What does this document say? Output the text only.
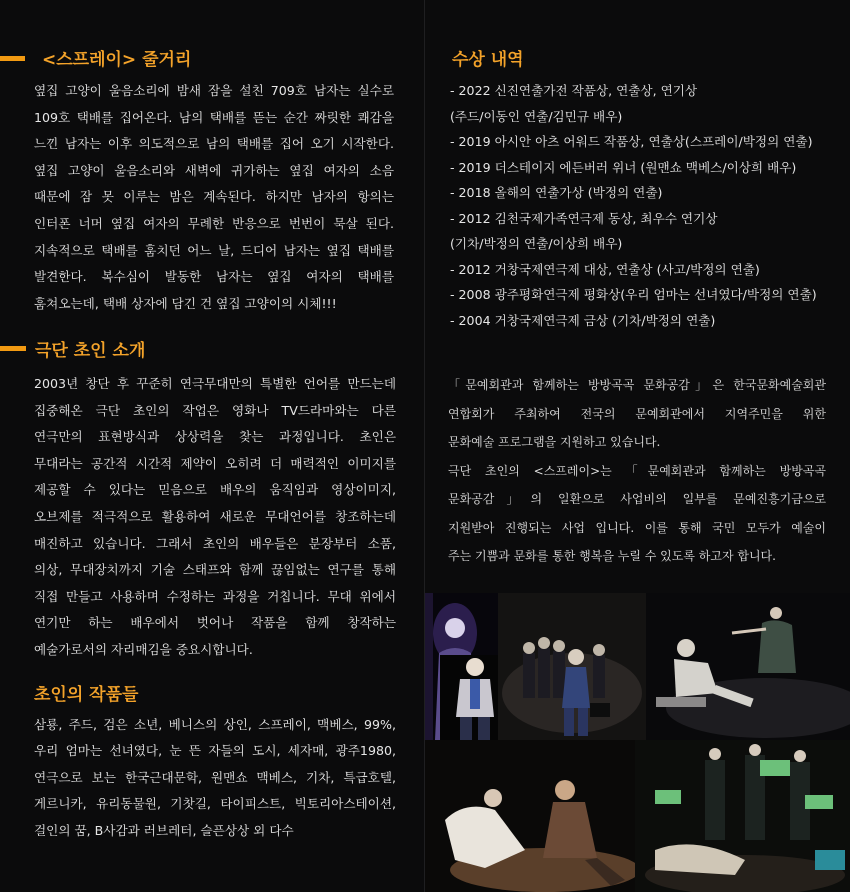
<스프레이> 줄거리
옆집 고양이 울음소리에 밤새 잠을 설친 709호 남자는 실수로
109호 택배를 집어온다. 남의 택배를 뜯는 순간 짜릿한 쾌감을
느낀 남자는 이후 의도적으로 남의 택배를 집어 오기 시작한다.
옆집 고양이 울음소리와 새벽에 귀가하는 옆집 여자의 소음
때문에 잠 못 이루는 밤은 계속된다. 하지만 남자의 항의는
인터폰 너머 옆집 여자의 무례한 반응으로 번번이 묵살 된다.
지속적으로 택배를 훔치던 어느 날, 드디어 남자는 옆집 택배를
발견한다. 복수심이 발동한 남자는 옆집 여자의 택배를
훔쳐오는데, 택배 상자에 담긴 건 옆집 고양이의 시체!!!
극단 초인 소개
2003년 창단 후 꾸준히 연극무대만의 특별한 언어를 만드는데
집중해온 극단 초인의 작업은 영화나 TV드라마와는 다른
연극만의 표현방식과 상상력을 찾는 과정입니다. 초인은
무대라는 공간적 시간적 제약이 오히려 더 매력적인 이미지를
제공할 수 있다는 믿음으로 배우의 움직임과 영상이미지,
오브제를 적극적으로 활용하여 새로운 무대언어를 창조하는데
매진하고 있습니다. 그래서 초인의 배우들은 분장부터 소품,
의상, 무대장치까지 기술 스태프와 함께 끊임없는 연구를 통해
직접 만들고 사용하며 수정하는 과정을 거칩니다. 무대 위에서
연기만 하는 배우에서 벗어나 작품을 함께 창작하는
예술가로서의 자리매김을 중요시합니다.
초인의 작품들
삼룡, 주드, 검은 소년, 베니스의 상인, 스프레이, 맥베스, 99%,
우리 엄마는 선녀였다, 눈 뜬 자들의 도시, 세자매, 광주1980,
연극으로 보는 한국근대문학, 원맨쇼 맥베스, 기차, 특급호텔,
게르니카, 유리동물원, 기찻길, 타이피스트, 빅토리아스테이션,
걸인의 꿈, B사감과 러브레터, 슬픈상상 외 다수
수상 내역
- 2022 신진연출가전 작품상, 연출상, 연기상
(주드/이동인 연출/김민규 배우)
- 2019 아시안 아츠 어워드 작품상, 연출상(스프레이/박정의 연출)
- 2019 더스테이지 에든버러 위너 (원맨쇼 맥베스/이상희 배우)
- 2018 올해의 연출가상 (박정의 연출)
- 2012 김천국제가족연극제 동상, 최우수 연기상
(기차/박정의 연출/이상희 배우)
- 2012 거창국제연극제 대상, 연출상 (사고/박정의 연출)
- 2008 광주평화연극제 평화상(우리 엄마는 선녀였다/박정의 연출)
- 2004 거창국제연극제 금상 (기차/박정의 연출)
「문예회관과 함께하는 방방곡곡 문화공감」은 한국문화예술회관
연합회가 주최하여 전국의 문예회관에서 지역주민을 위한
문화예술 프로그램을 지원하고 있습니다.
극단 초인의 <스프레이>는 「문예회관과 함께하는 방방곡곡
문화공감」의 일환으로 사업비의 일부를 문예진흥기금으로
지원받아 진행되는 사업 입니다. 이를 통해 국민 모두가 예술이
주는 기쁨과 문화를 통한 행복을 누릴 수 있도록 하고자 합니다.
